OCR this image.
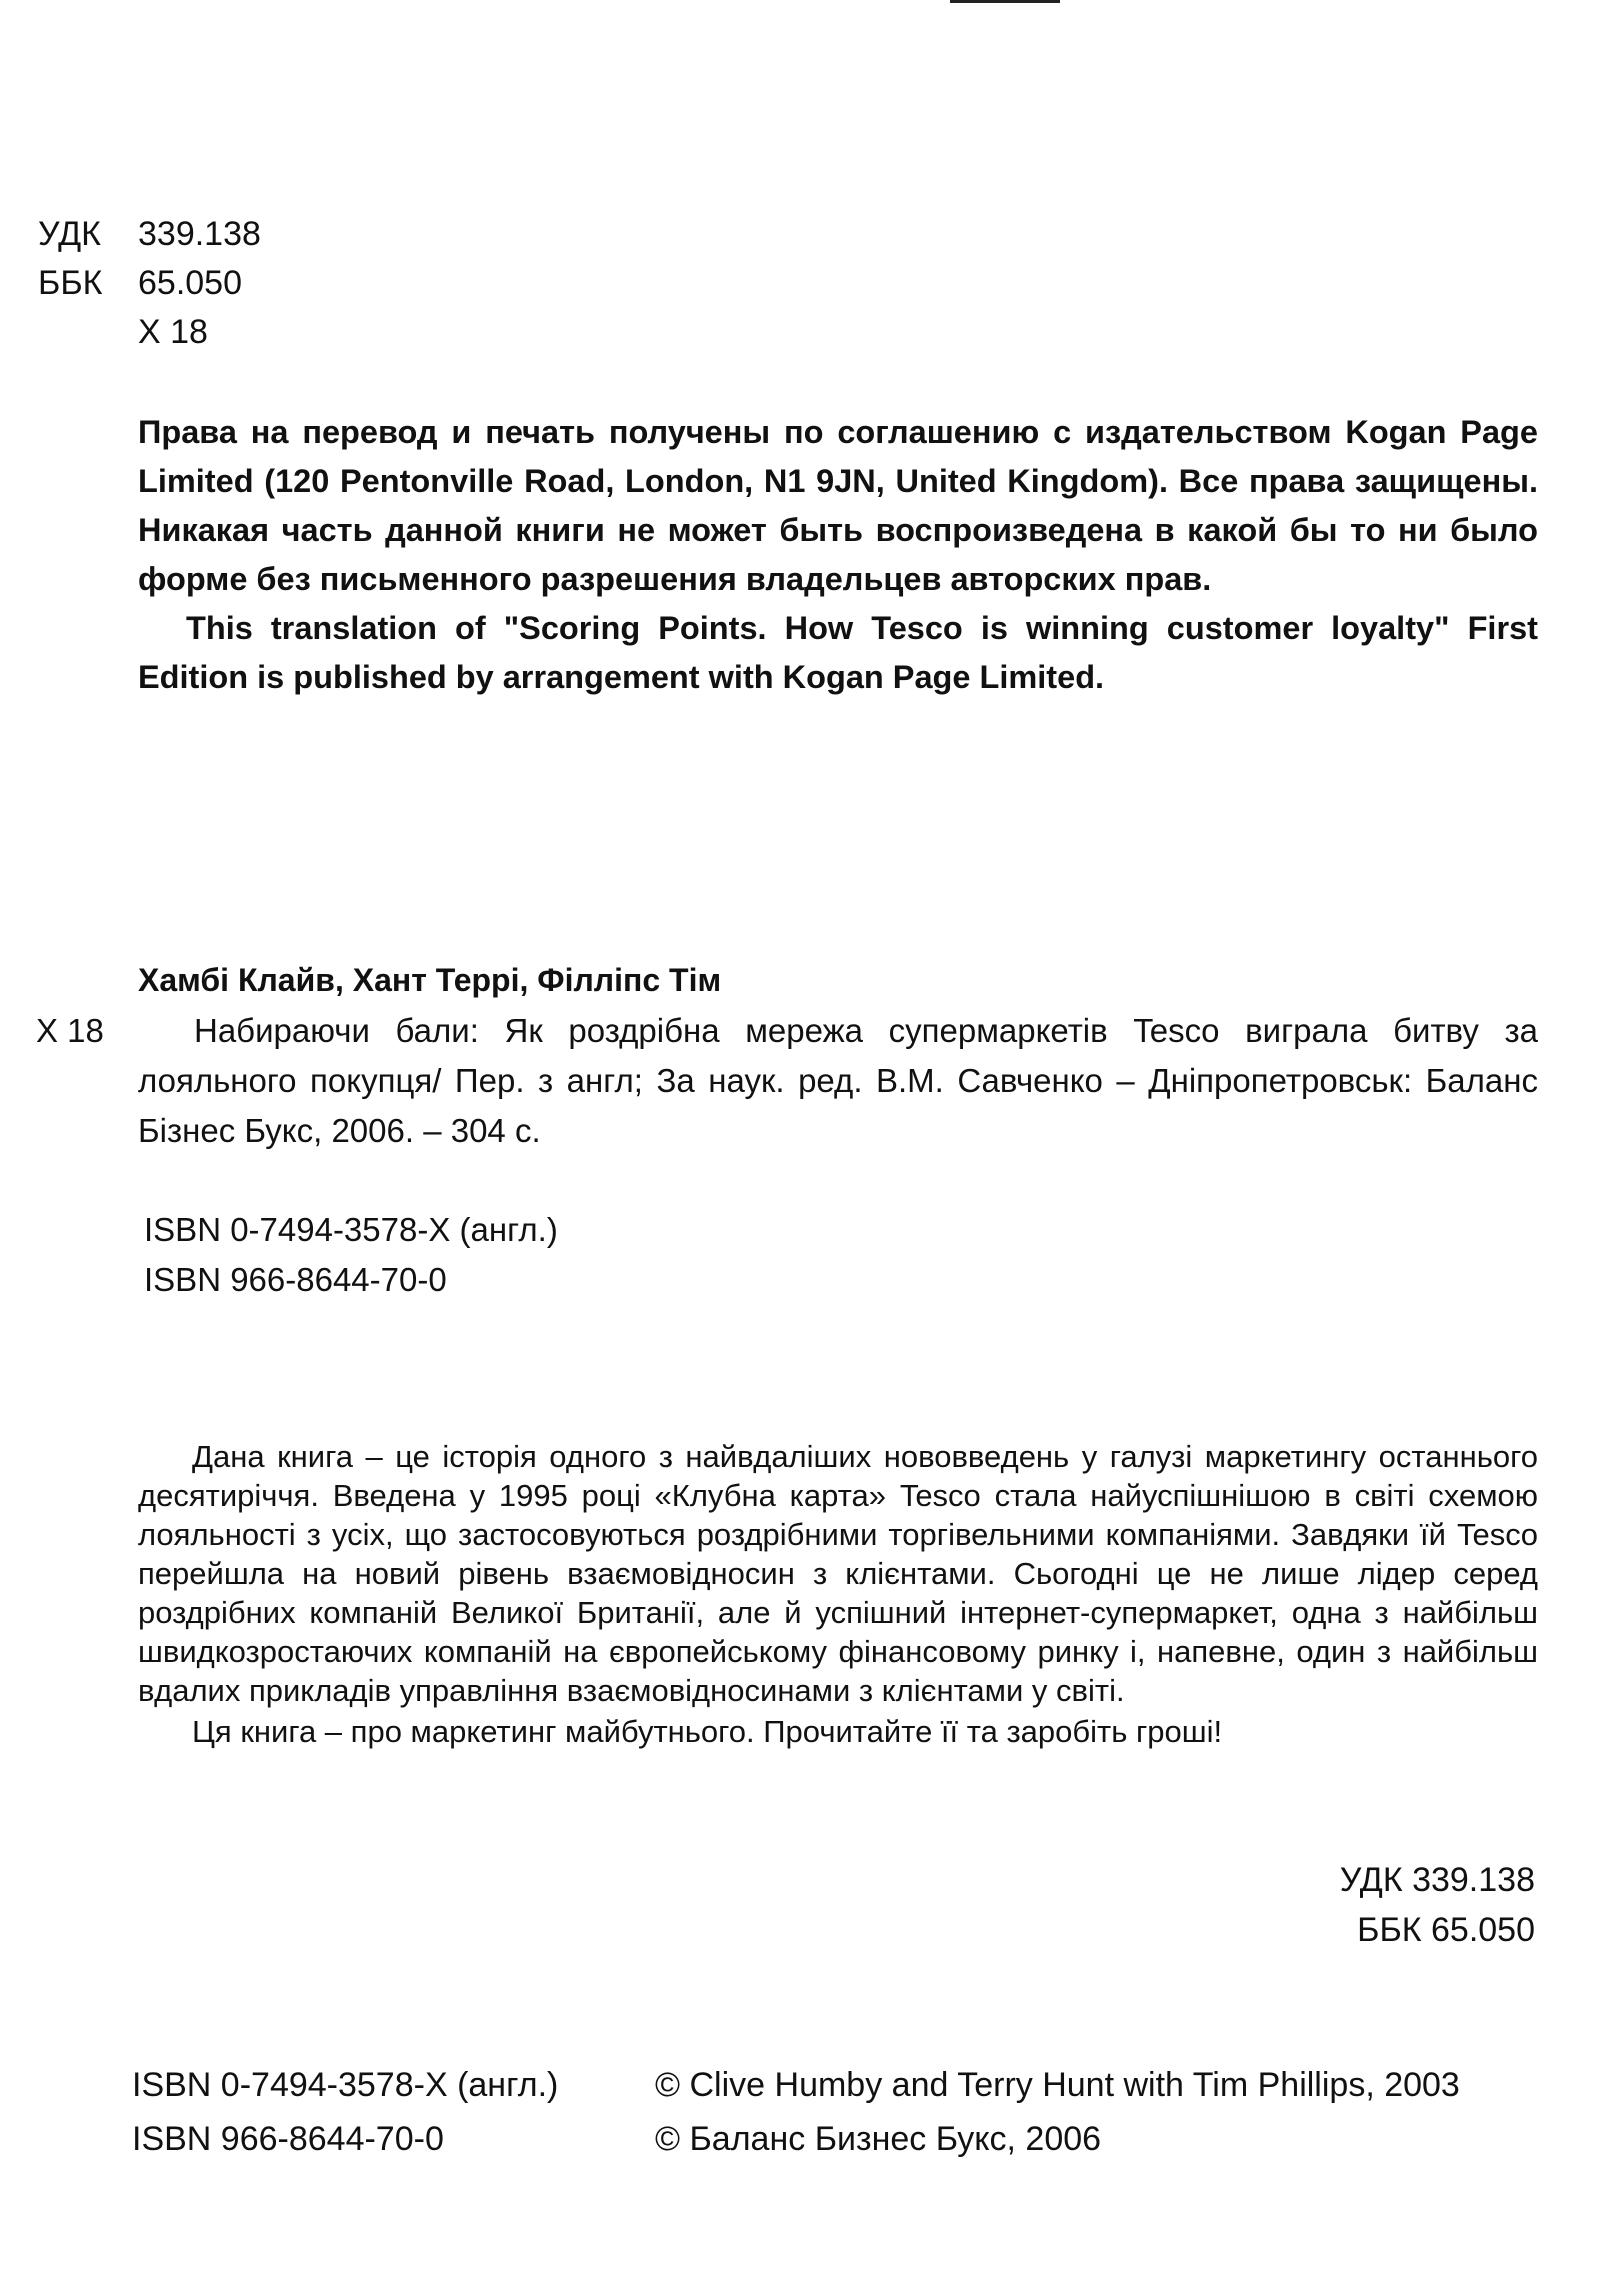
УДК 339.138
ББК 65.050
Х 18

Права на перевод и печать получены по соглашению с издательством Kogan Page Limited (120 Pentonville Road, London, N1 9JN, United Kingdom). Все права защищены. Никакая часть данной книги не может быть воспроизведена в какой бы то ни было форме без письменного разрешения владельцев авторских прав.

This translation of "Scoring Points. How Tesco is winning customer loyalty" First Edition is published by arrangement with Kogan Page Limited.

Хамбі Клайв, Хант Террі, Філліпс Тім
Х 18	Набираючи бали: Як роздрібна мережа супермаркетів Tesco виграла битву за лояльного покупця/ Пер. з англ; За наук. ред. В.М. Савченко – Дніпропетровськ: Баланс Бізнес Букс, 2006. – 304 с.

ISBN 0-7494-3578-X (англ.)
ISBN 966-8644-70-0

Дана книга – це історія одного з найвдаліших нововведень у галузі маркетингу останнього десятиріччя. Введена у 1995 році «Клубна карта» Tesco стала найуспішнішою в світі схемою лояльності з усіх, що застосовуються роздрібними торгівельними компаніями. Завдяки їй Tesco перейшла на новий рівень взаємовідносин з клієнтами. Сьогодні це не лише лідер серед роздрібних компаній Великої Британії, але й успішний інтернет-супермаркет, одна з найбільш швидкозростаючих компаній на європейському фінансовому ринку і, напевне, один з найбільш вдалих прикладів управління взаємовідносинами з клієнтами у світі.

Ця книга – про маркетинг майбутнього. Прочитайте її та заробіть гроші!

УДК 339.138
ББК 65.050
ISBN 0-7494-3578-X (англ.)	© Clive Humby and Terry Hunt with Tim Phillips, 2003
ISBN 966-8644-70-0	© Баланс Бизнес Букс, 2006
